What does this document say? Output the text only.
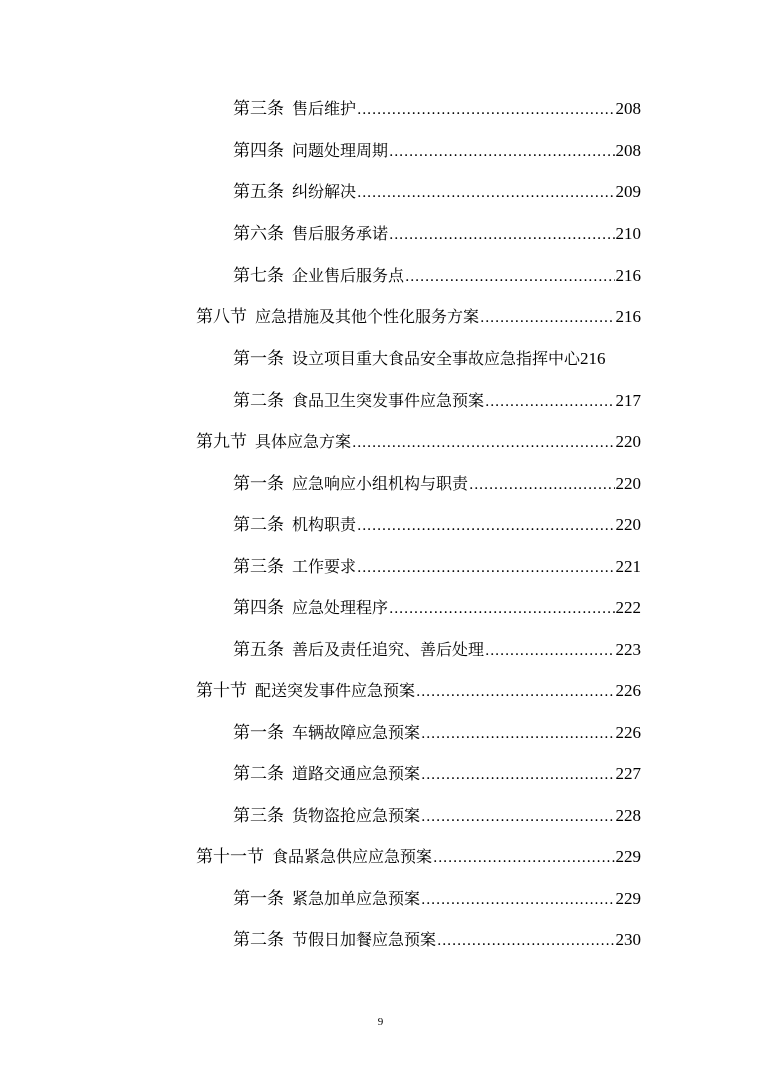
第三条 售后维护 .....	208
第四条 问题处理周期 .....	208
第五条 纠纷解决 .....	209
第六条 售后服务承诺 .....	210
第七条 企业售后服务点 .....	216
第八节 应急措施及其他个性化服务方案 .....	216
第一条 设立项目重大食品安全事故应急指挥中心 216
第二条 食品卫生突发事件应急预案 .....	217
第九节 具体应急方案 .....	220
第一条 应急响应小组机构与职责 .....	220
第二条 机构职责 .....	220
第三条 工作要求 .....	221
第四条 应急处理程序 .....	222
第五条 善后及责任追究、善后处理 .....	223
第十节 配送突发事件应急预案 .....	226
第一条 车辆故障应急预案 .....	226
第二条 道路交通应急预案 .....	227
第三条 货物盗抢应急预案 .....	228
第十一节 食品紧急供应应急预案 .....	229
第一条 紧急加单应急预案 .....	229
第二条 节假日加餐应急预案 .....	230
9
